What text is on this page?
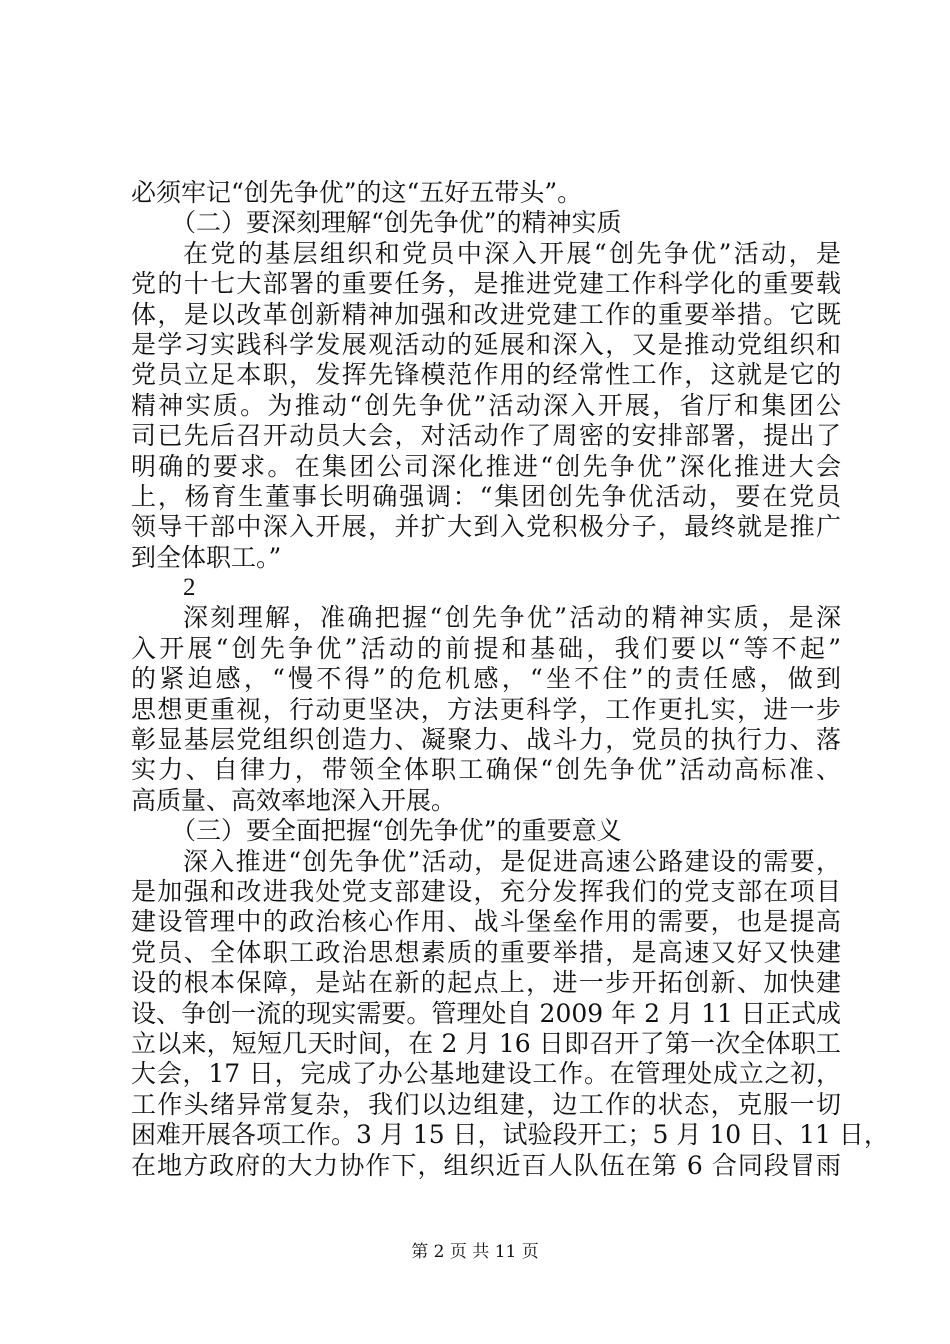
必须牢记“创先争优”的这“五好五带头”。
（二）要深刻理解“创先争优”的精神实质
在党的基层组织和党员中深入开展“创先争优”活动，是
党的十七大部署的重要任务，是推进党建工作科学化的重要载
体，是以改革创新精神加强和改进党建工作的重要举措。它既
是学习实践科学发展观活动的延展和深入，又是推动党组织和
党员立足本职，发挥先锋模范作用的经常性工作，这就是它的
精神实质。为推动“创先争优”活动深入开展，省厅和集团公
司已先后召开动员大会，对活动作了周密的安排部署，提出了
明确的要求。在集团公司深化推进“创先争优”深化推进大会
上，杨育生董事长明确强调：“集团创先争优活动，要在党员
领导干部中深入开展，并扩大到入党积极分子，最终就是推广
到全体职工。”
2
深刻理解，准确把握“创先争优”活动的精神实质，是深
入开展“创先争优”活动的前提和基础，我们要以“等不起”
的紧迫感，“慢不得”的危机感，“坐不住”的责任感，做到
思想更重视，行动更坚决，方法更科学，工作更扎实，进一步
彰显基层党组织创造力、凝聚力、战斗力，党员的执行力、落
实力、自律力，带领全体职工确保“创先争优”活动高标准、
高质量、高效率地深入开展。
（三）要全面把握“创先争优”的重要意义
深入推进“创先争优”活动，是促进高速公路建设的需要，
是加强和改进我处党支部建设，充分发挥我们的党支部在项目
建设管理中的政治核心作用、战斗堡垒作用的需要，也是提高
党员、全体职工政治思想素质的重要举措，是高速又好又快建
设的根本保障，是站在新的起点上，进一步开拓创新、加快建
设、争创一流的现实需要。管理处自 2009 年 2 月 11 日正式成
立以来，短短几天时间，在 2 月 16 日即召开了第一次全体职工
大会，17 日，完成了办公基地建设工作。在管理处成立之初，
工作头绪异常复杂，我们以边组建，边工作的状态，克服一切
困难开展各项工作。3 月 15 日，试验段开工；5 月 10 日、11 日，
在地方政府的大力协作下，组织近百人队伍在第 6 合同段冒雨
第 2 页 共 11 页
